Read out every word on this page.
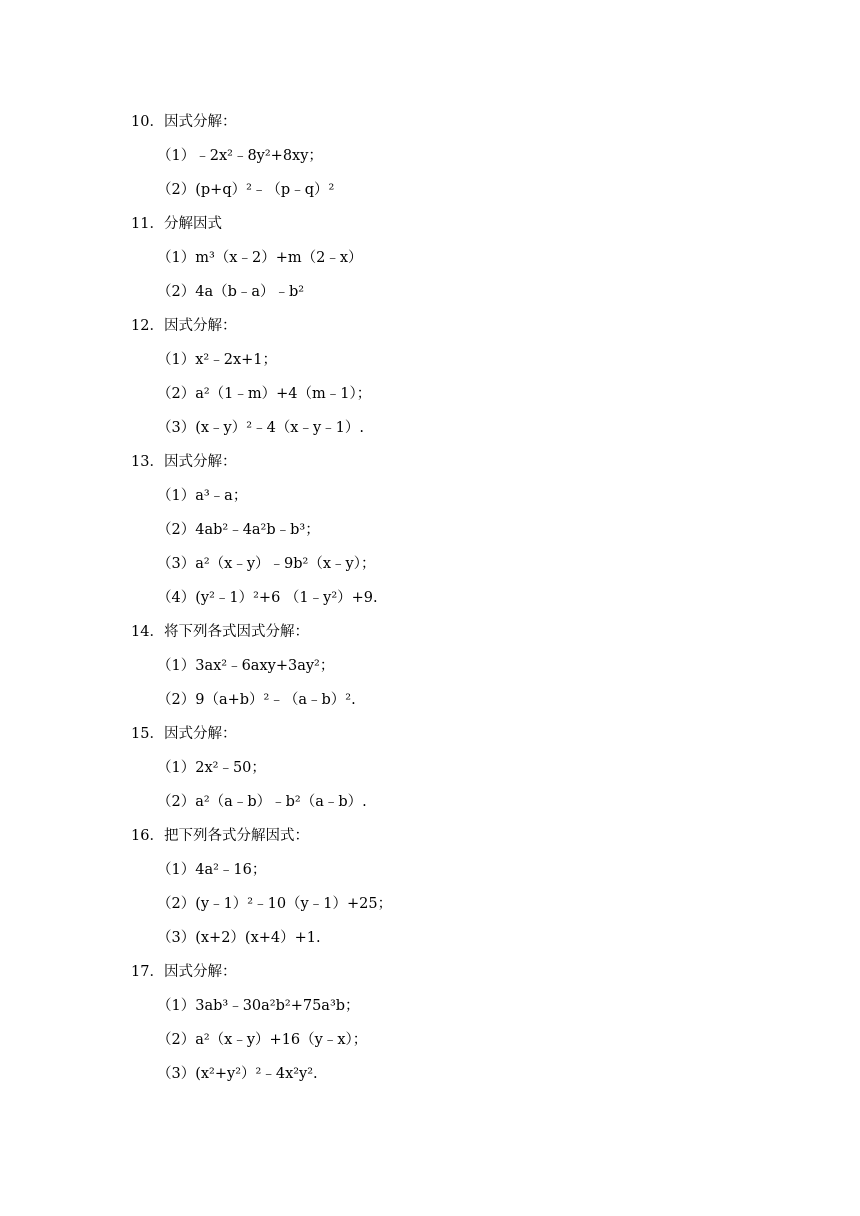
10．因式分解：
（1）﹣2x²﹣8y²+8xy；
（2）(p+q）²﹣（p﹣q）²
11．分解因式
（1）m³（x﹣2）+m（2﹣x）
（2）4a（b﹣a）﹣b²
12．因式分解：
（1）x²﹣2x+1；
（2）a²（1﹣m）+4（m﹣1）；
（3）(x﹣y）²﹣4（x﹣y﹣1）.
13．因式分解：
（1）a³﹣a；
（2）4ab²﹣4a²b﹣b³；
（3）a²（x﹣y）﹣9b²（x﹣y）；
（4）(y²﹣1）²+6 （1﹣y²）+9.
14．将下列各式因式分解：
（1）3ax²﹣6axy+3ay²；
（2）9（a+b）²﹣（a﹣b）².
15．因式分解：
（1）2x²﹣50；
（2）a²（a﹣b）﹣b²（a﹣b）.
16．把下列各式分解因式：
（1）4a²﹣16；
（2）(y﹣1）²﹣10（y﹣1）+25；
（3）(x+2）(x+4）+1.
17．因式分解：
（1）3ab³﹣30a²b²+75a³b；
（2）a²（x﹣y）+16（y﹣x）；
（3）(x²+y²）²﹣4x²y².
